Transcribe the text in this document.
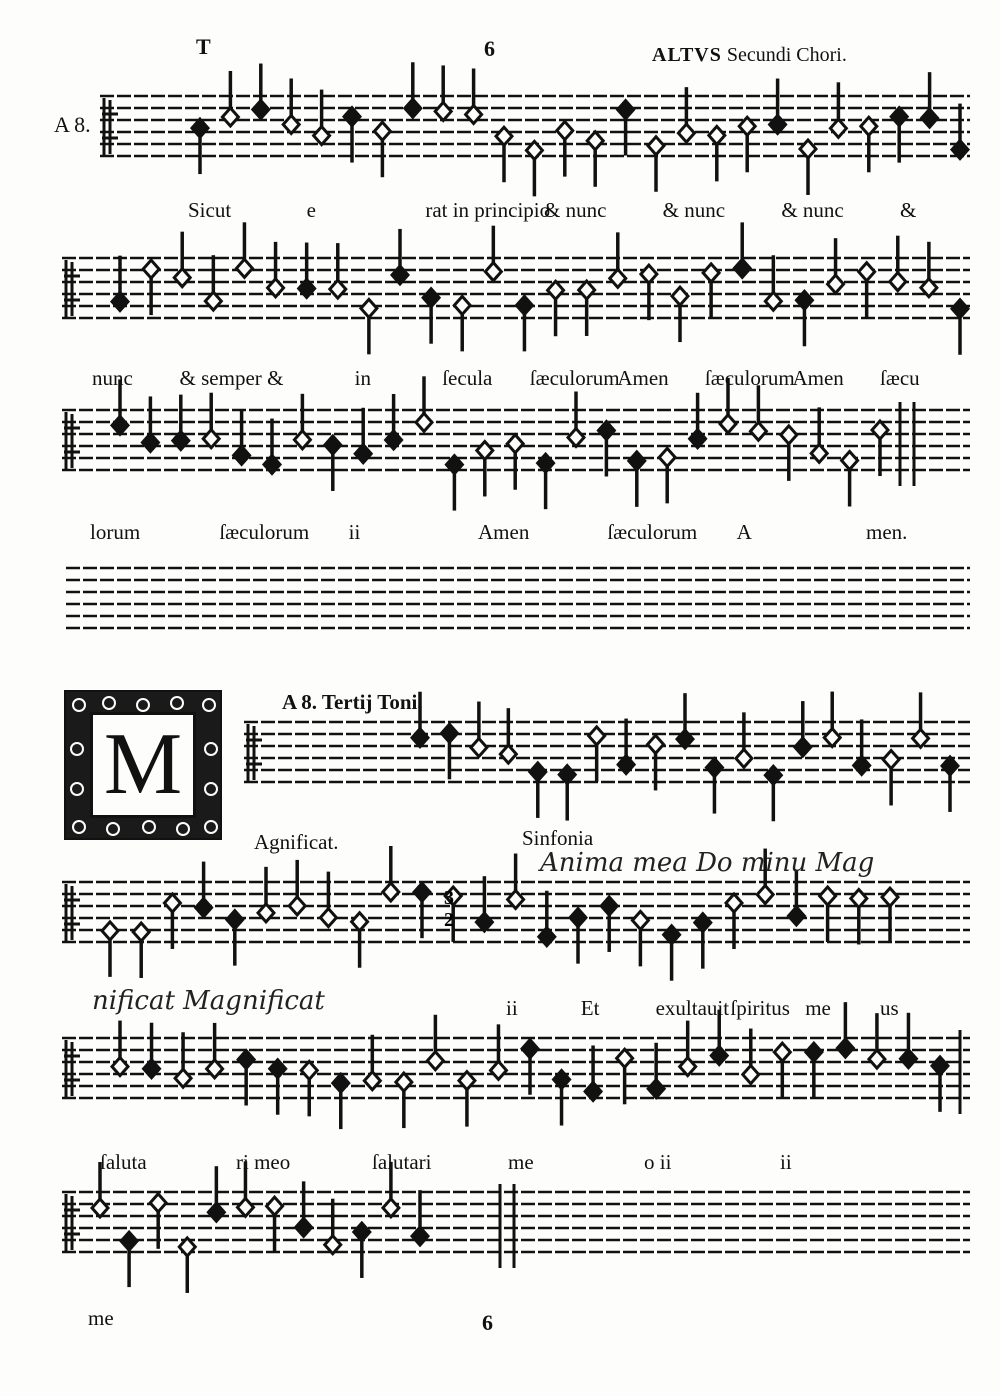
T	6	ALTVS Secundi Chori.
A 8.
3
2
Sicut	e	rat in principio
& nunc	& nunc	& nunc	&
nunc & semper &	in	ſecula ſæculorum
Amen ſæculorum
Amen ſæcu
lorum	ſæculorum ii	Amen	ſæculorum A	men.
M
A 8. Tertij Toni.
Agnificat.	Sinfonia
Anima mea Do minu Mag
nificat Magnificat	ii	Et	exultauit ſpiritus me us
ſaluta	ri meo	ſalutari	me	o ii	ii
me	6
